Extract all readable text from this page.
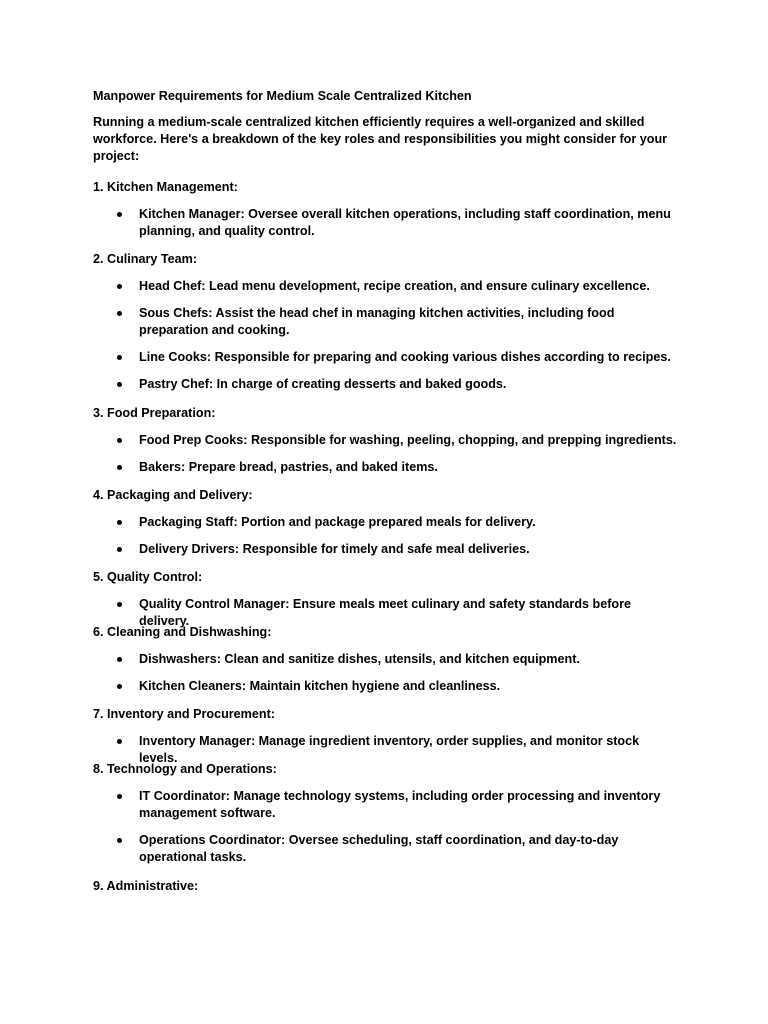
Manpower Requirements for Medium Scale Centralized Kitchen
Running a medium-scale centralized kitchen efficiently requires a well-organized and skilled workforce. Here's a breakdown of the key roles and responsibilities you might consider for your project:

1. Kitchen Management:

Kitchen Manager: Oversee overall kitchen operations, including staff coordination, menu planning, and quality control.

2. Culinary Team:

Head Chef: Lead menu development, recipe creation, and ensure culinary excellence.
Sous Chefs: Assist the head chef in managing kitchen activities, including food preparation and cooking.
Line Cooks: Responsible for preparing and cooking various dishes according to recipes.
Pastry Chef: In charge of creating desserts and baked goods.

3. Food Preparation:

Food Prep Cooks: Responsible for washing, peeling, chopping, and prepping ingredients.
Bakers: Prepare bread, pastries, and baked items.

4. Packaging and Delivery:

Packaging Staff: Portion and package prepared meals for delivery.
Delivery Drivers: Responsible for timely and safe meal deliveries.

5. Quality Control:

Quality Control Manager: Ensure meals meet culinary and safety standards before delivery.

6. Cleaning and Dishwashing:

Dishwashers: Clean and sanitize dishes, utensils, and kitchen equipment.
Kitchen Cleaners: Maintain kitchen hygiene and cleanliness.

7. Inventory and Procurement:

Inventory Manager: Manage ingredient inventory, order supplies, and monitor stock levels.

8. Technology and Operations:

IT Coordinator: Manage technology systems, including order processing and inventory management software.
Operations Coordinator: Oversee scheduling, staff coordination, and day-to-day operational tasks.

9. Administrative:
